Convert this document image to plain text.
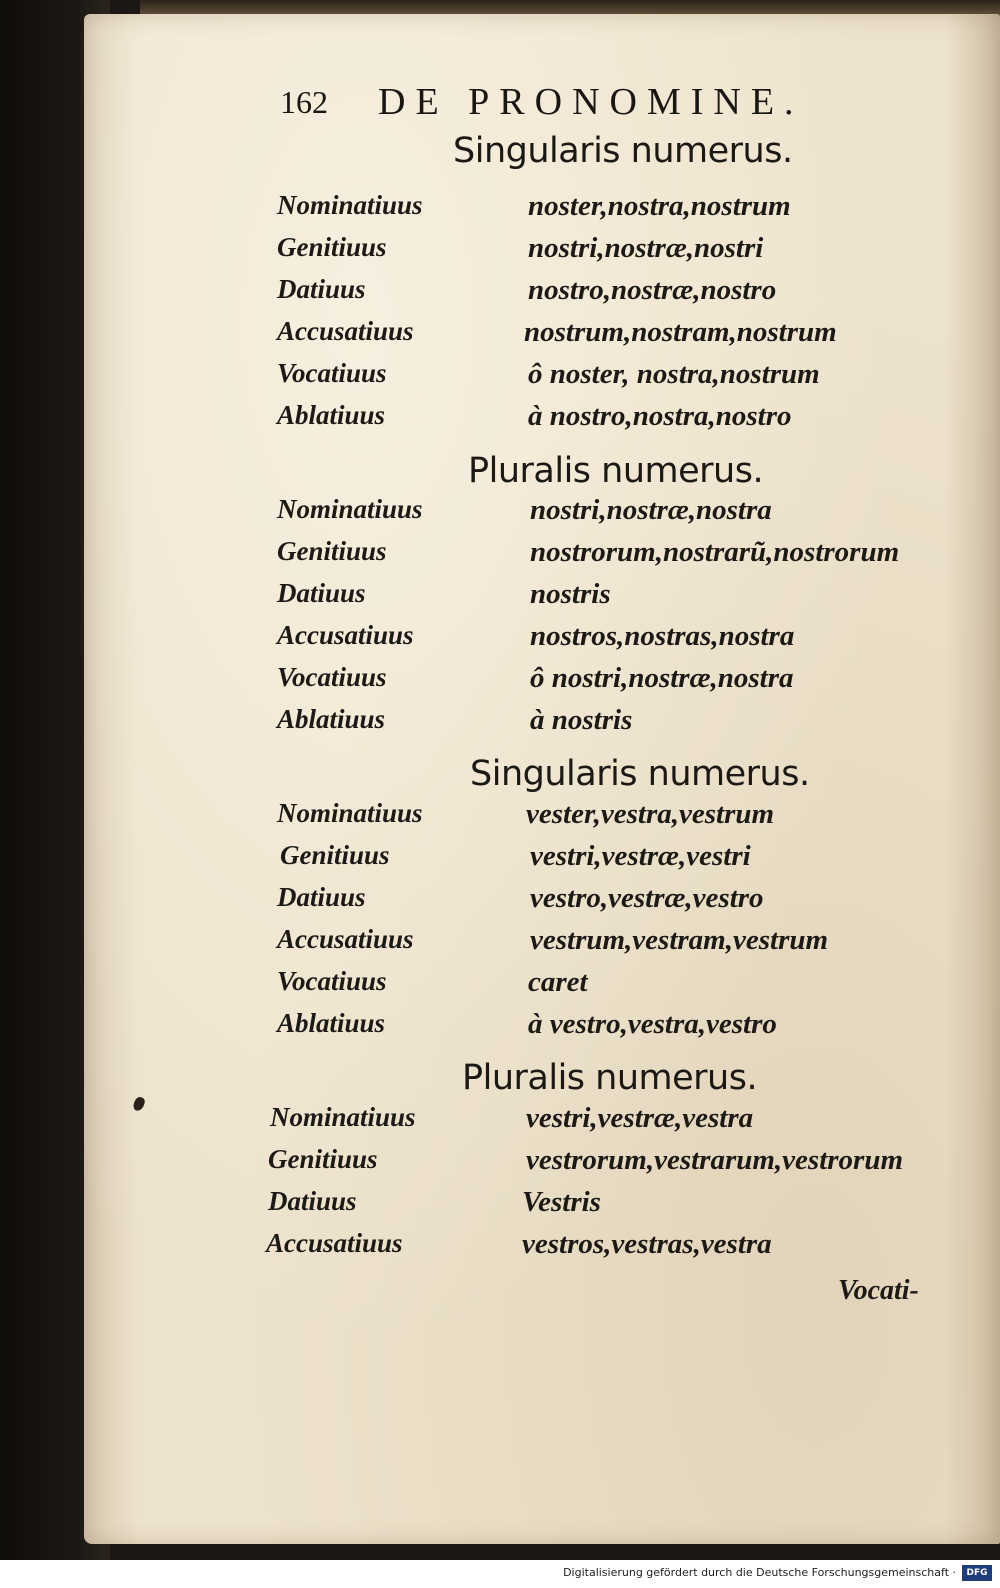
162 DE PRONOMINE.
Singularis numerus.
Nominatiuus	noster,nostra,nostrum
Genitiuus	nostri,nostræ,nostri
Datiuus	nostro,nostræ,nostro
Accusatiuus	nostrum,nostram,nostrum
Vocatiuus	ô noster, nostra,nostrum
Ablatiuus	à nostro,nostra,nostro
Pluralis numerus.
Nominatiuus	nostri,nostræ,nostra
Genitiuus	nostrorum,nostrarũ,nostrorum
Datiuus	nostris
Accusatiuus	nostros,nostras,nostra
Vocatiuus	ô nostri,nostræ,nostra
Ablatiuus	à nostris
Singularis numerus.
Nominatiuus	vester,vestra,vestrum
Genitiuus	vestri,vestræ,vestri
Datiuus	vestro,vestræ,vestro
Accusatiuus	vestrum,vestram,vestrum
Vocatiuus	caret
Ablatiuus	à vestro,vestra,vestro
Pluralis numerus.
Nominatiuus	vestri,vestræ,vestra
Genitiuus	vestrorum,vestrarum,vestrorum
Datiuus	Vestris
Accusatiuus	vestros,vestras,vestra
Vocati-
Digitalisierung gefördert durch die Deutsche Forschungsgemeinschaft ·	DFG
